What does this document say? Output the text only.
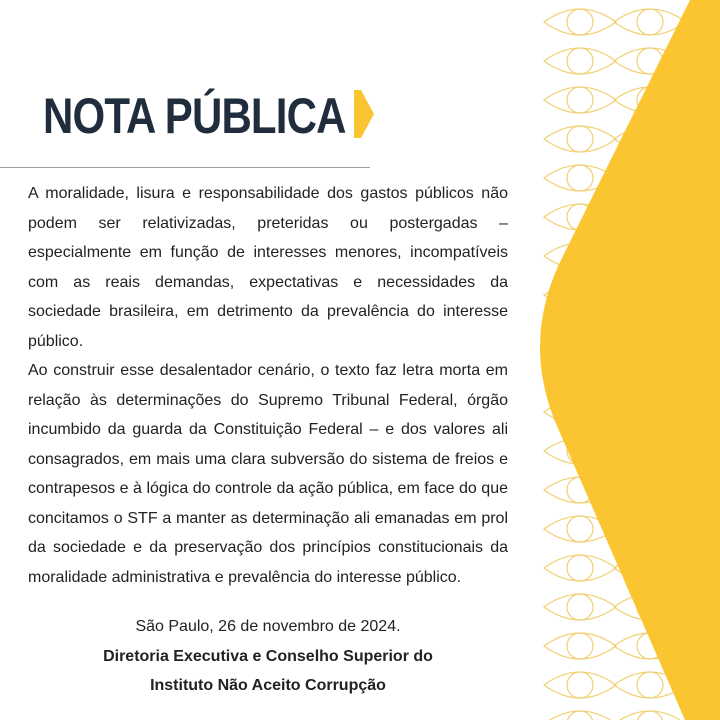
NOTA PÚBLICA

A moralidade, lisura e responsabilidade dos gastos públicos não podem ser relativizadas, preteridas ou postergadas – especialmente em função de interesses menores, incompatíveis com as reais demandas, expectativas e necessidades da sociedade brasileira, em detrimento da prevalência do interesse público.

Ao construir esse desalentador cenário, o texto faz letra morta em relação às determinações do Supremo Tribunal Federal, órgão incumbido da guarda da Constituição Federal – e dos valores ali consagrados, em mais uma clara subversão do sistema de freios e contrapesos e à lógica do controle da ação pública, em face do que concitamos o STF a manter as determinação ali emanadas em prol da sociedade e da preservação dos princípios constitucionais da moralidade administrativa e prevalência do interesse público.

São Paulo, 26 de novembro de 2024.
Diretoria Executiva e Conselho Superior do
Instituto Não Aceito Corrupção
